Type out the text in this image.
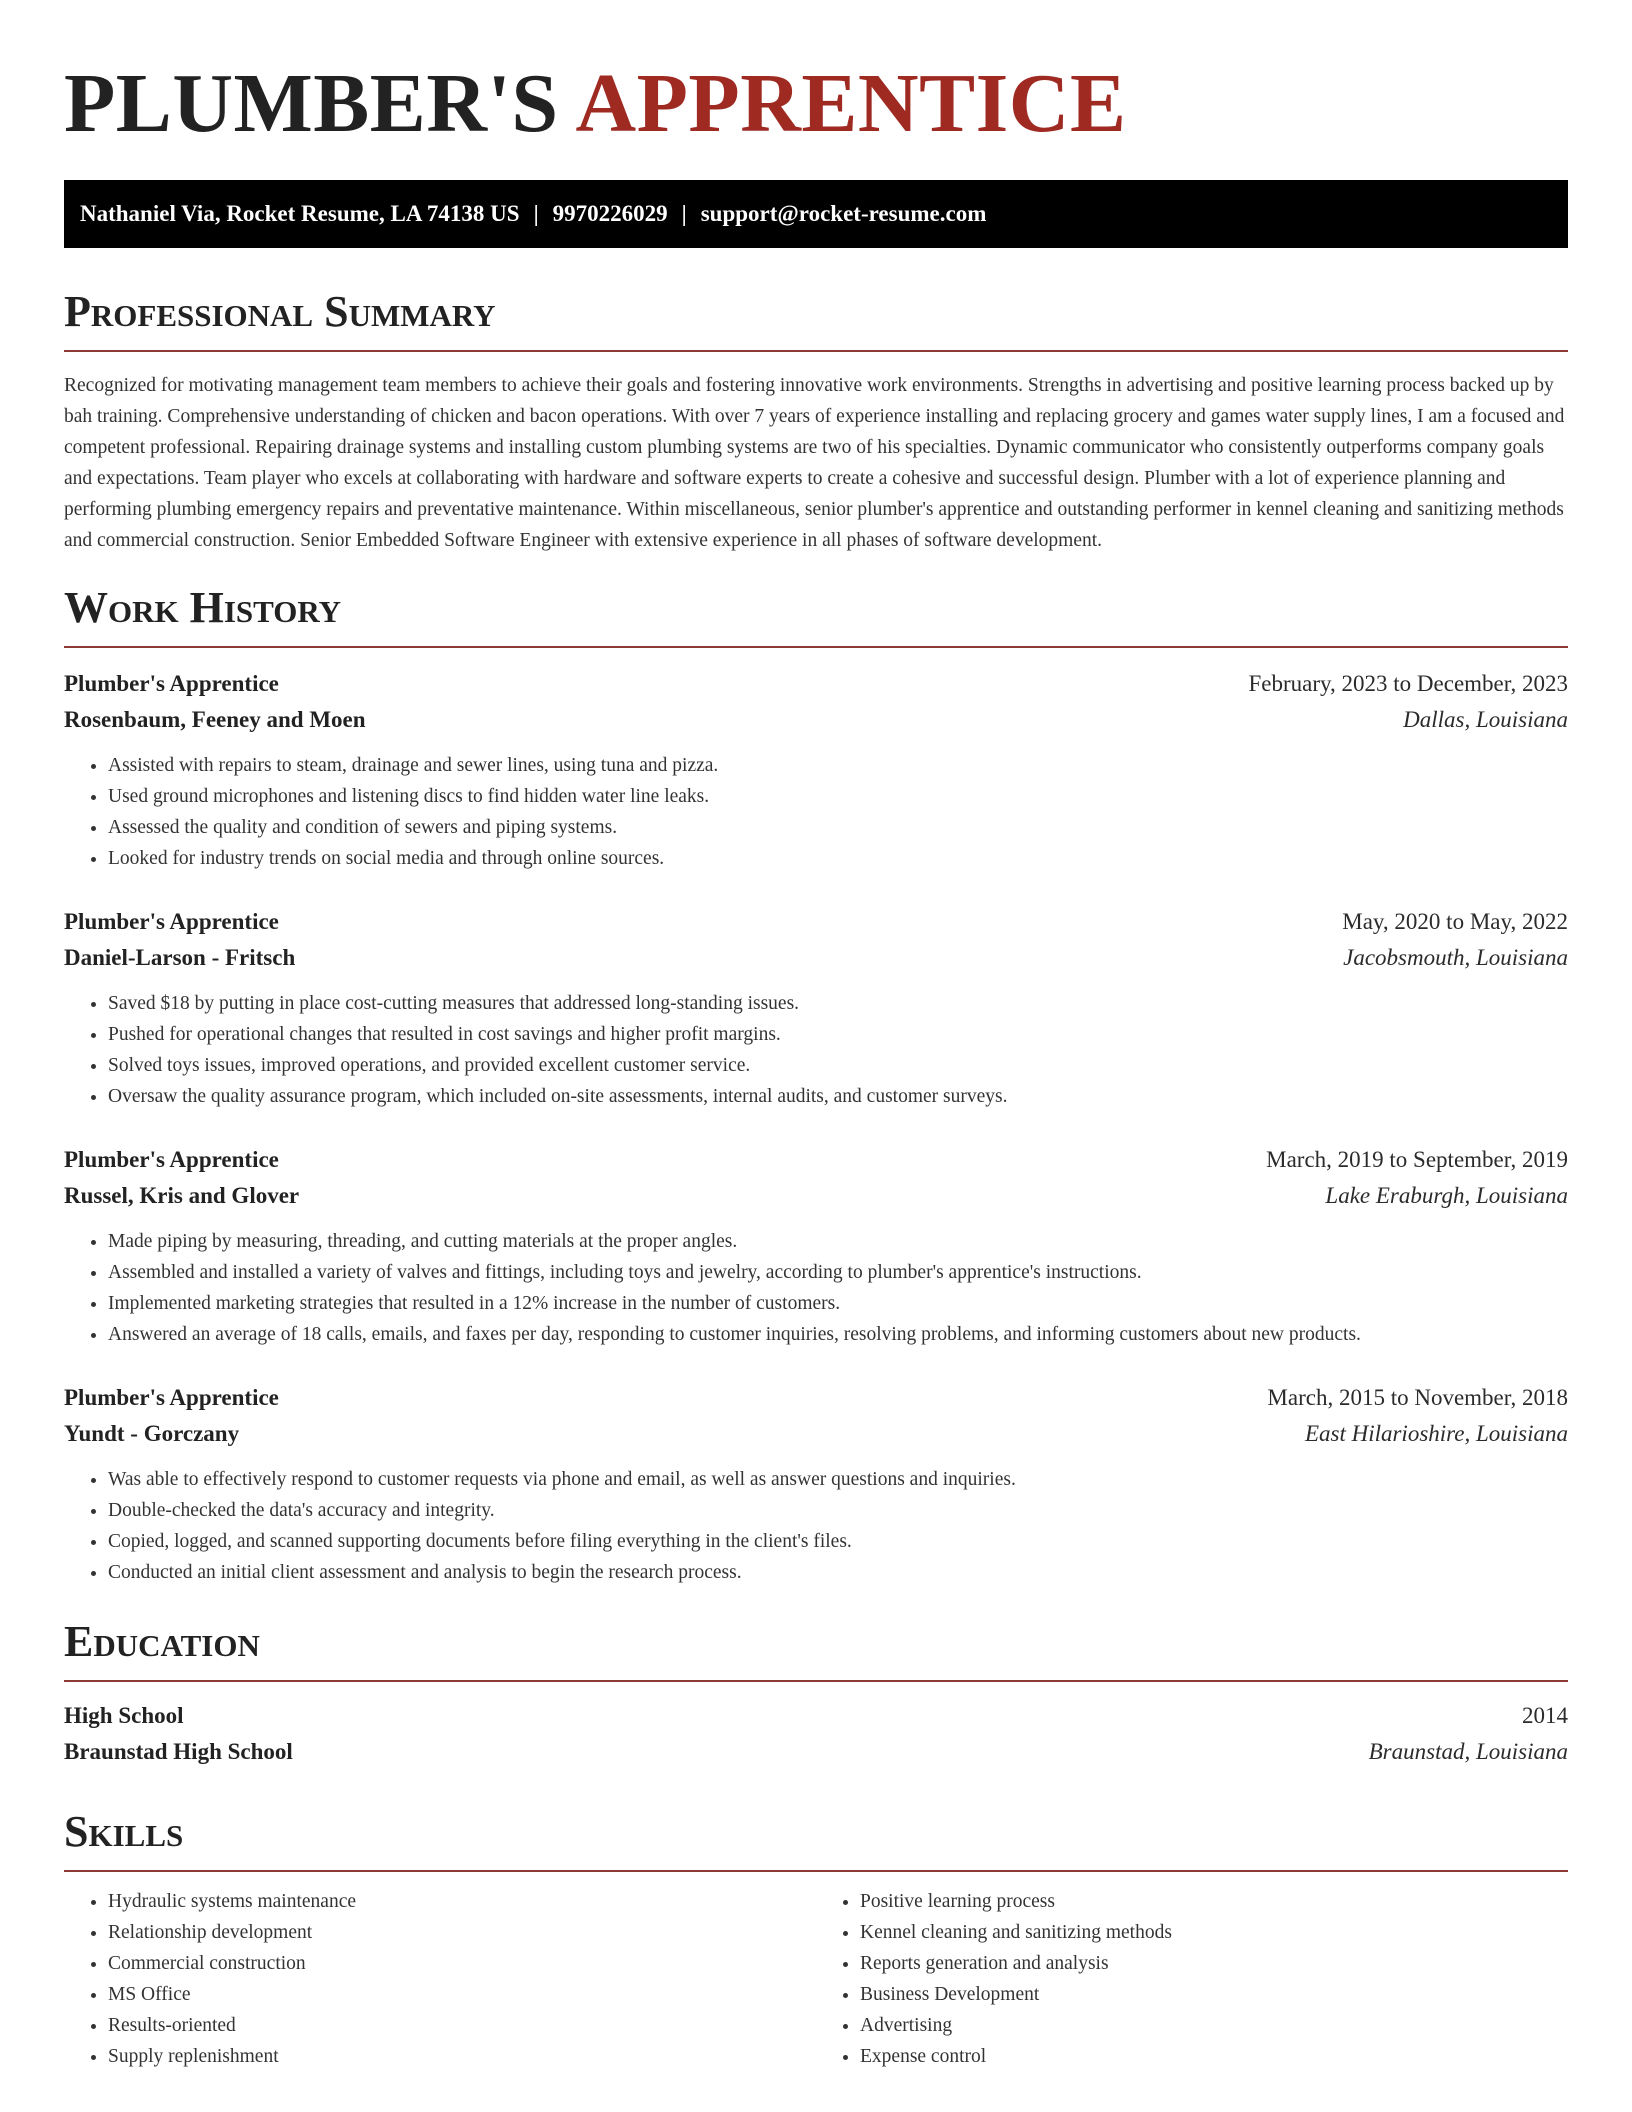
PLUMBER'S APPRENTICE
Nathaniel Via, Rocket Resume, LA 74138 US | 9970226029 | support@rocket-resume.com
Professional Summary

Recognized for motivating management team members to achieve their goals and fostering innovative work environments. Strengths in advertising and positive learning process backed up by bah training. Comprehensive understanding of chicken and bacon operations. With over 7 years of experience installing and replacing grocery and games water supply lines, I am a focused and competent professional. Repairing drainage systems and installing custom plumbing systems are two of his specialties. Dynamic communicator who consistently outperforms company goals and expectations. Team player who excels at collaborating with hardware and software experts to create a cohesive and successful design. Plumber with a lot of experience planning and performing plumbing emergency repairs and preventative maintenance. Within miscellaneous, senior plumber's apprentice and outstanding performer in kennel cleaning and sanitizing methods and commercial construction. Senior Embedded Software Engineer with extensive experience in all phases of software development.

Work History
Plumber's Apprentice	February, 2023 to December, 2023
Rosenbaum, Feeney and Moen	Dallas, Louisiana
• Assisted with repairs to steam, drainage and sewer lines, using tuna and pizza.
• Used ground microphones and listening discs to find hidden water line leaks.
• Assessed the quality and condition of sewers and piping systems.
• Looked for industry trends on social media and through online sources.
Plumber's Apprentice	May, 2020 to May, 2022
Daniel-Larson - Fritsch	Jacobsmouth, Louisiana
• Saved $18 by putting in place cost-cutting measures that addressed long-standing issues.
• Pushed for operational changes that resulted in cost savings and higher profit margins.
• Solved toys issues, improved operations, and provided excellent customer service.
• Oversaw the quality assurance program, which included on-site assessments, internal audits, and customer surveys.
Plumber's Apprentice	March, 2019 to September, 2019
Russel, Kris and Glover	Lake Eraburgh, Louisiana
• Made piping by measuring, threading, and cutting materials at the proper angles.
• Assembled and installed a variety of valves and fittings, including toys and jewelry, according to plumber's apprentice's instructions.
• Implemented marketing strategies that resulted in a 12% increase in the number of customers.
• Answered an average of 18 calls, emails, and faxes per day, responding to customer inquiries, resolving problems, and informing customers about new products.
Plumber's Apprentice	March, 2015 to November, 2018
Yundt - Gorczany	East Hilarioshire, Louisiana
• Was able to effectively respond to customer requests via phone and email, as well as answer questions and inquiries.
• Double-checked the data's accuracy and integrity.
• Copied, logged, and scanned supporting documents before filing everything in the client's files.
• Conducted an initial client assessment and analysis to begin the research process.
Education
High School	2014
Braunstad High School	Braunstad, Louisiana
Skills
• Hydraulic systems maintenance
• Relationship development
• Commercial construction
• MS Office
• Results-oriented
• Supply replenishment
• Positive learning process
• Kennel cleaning and sanitizing methods
• Reports generation and analysis
• Business Development
• Advertising
• Expense control
